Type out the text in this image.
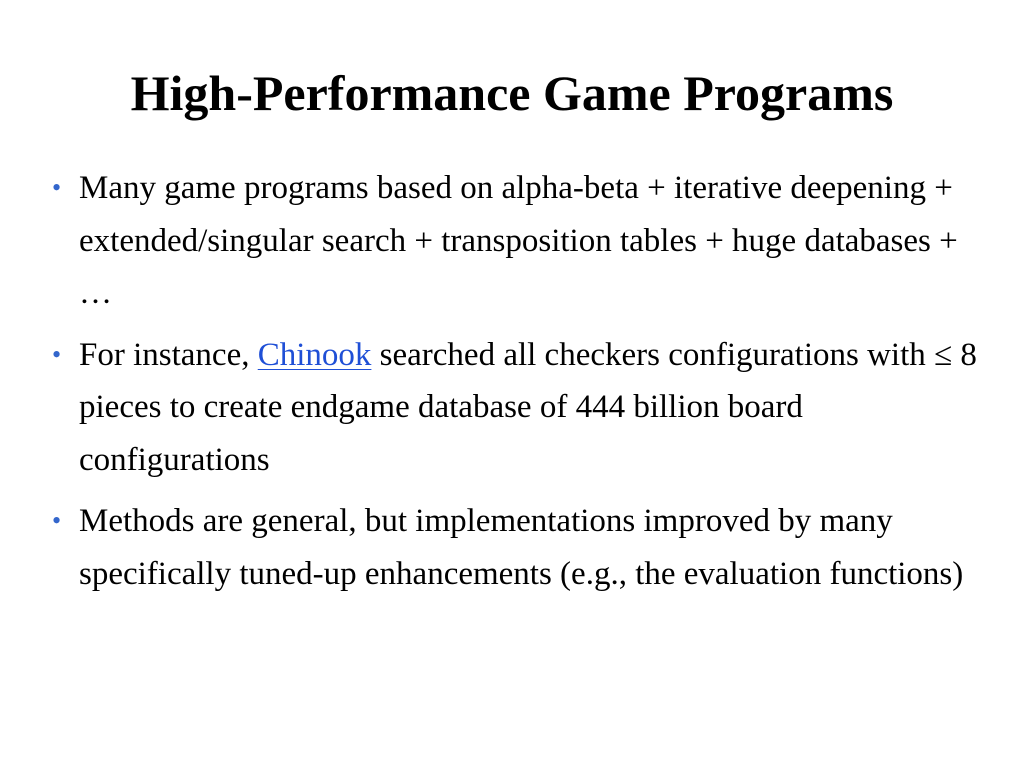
High-Performance Game Programs
• Many game programs based on alpha-beta + iterative deepening + extended/singular search + transposition tables + huge databases + …
• For instance, Chinook searched all checkers configurations with ≤ 8 pieces to create endgame database of 444 billion board configurations
• Methods are general, but implementations improved by many specifically tuned-up enhancements (e.g., the evaluation functions)
